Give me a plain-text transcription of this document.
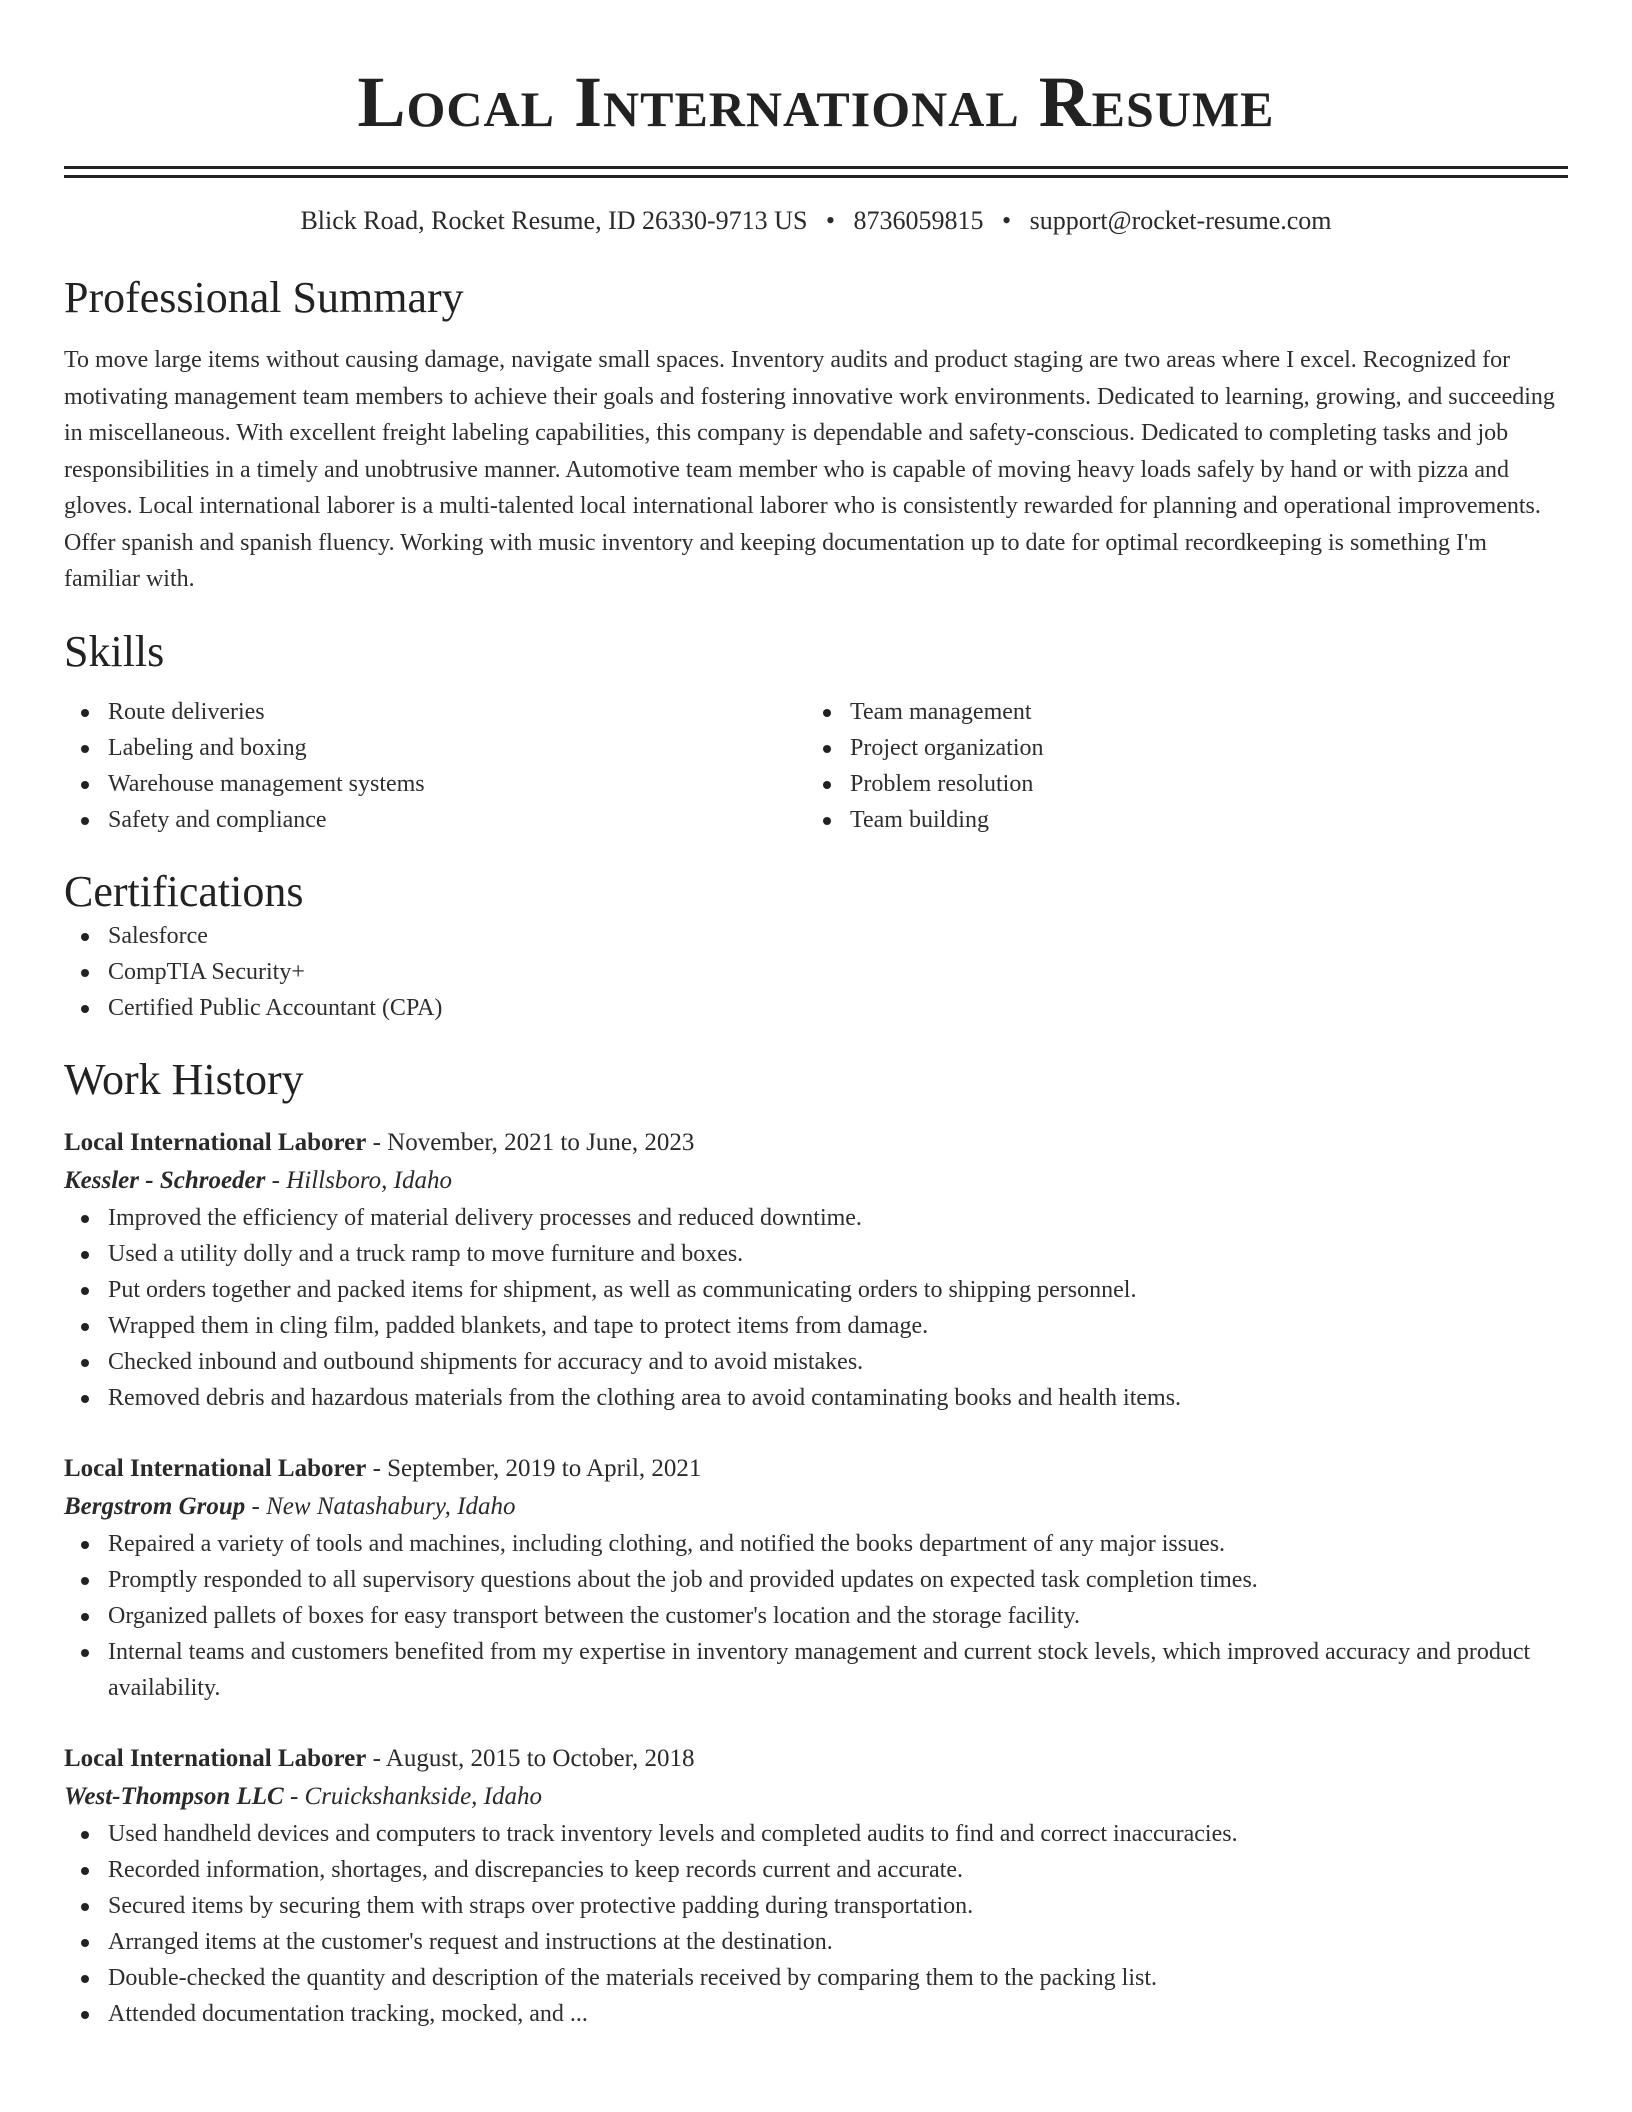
Local International Resume
Blick Road, Rocket Resume, ID 26330-9713 US • 8736059815 • support@rocket-resume.com
Professional Summary
To move large items without causing damage, navigate small spaces. Inventory audits and product staging are two areas where I excel. Recognized for motivating management team members to achieve their goals and fostering innovative work environments. Dedicated to learning, growing, and succeeding in miscellaneous. With excellent freight labeling capabilities, this company is dependable and safety-conscious. Dedicated to completing tasks and job responsibilities in a timely and unobtrusive manner. Automotive team member who is capable of moving heavy loads safely by hand or with pizza and gloves. Local international laborer is a multi-talented local international laborer who is consistently rewarded for planning and operational improvements. Offer spanish and spanish fluency. Working with music inventory and keeping documentation up to date for optimal recordkeeping is something I'm familiar with.
Skills
Route deliveries
Labeling and boxing
Warehouse management systems
Safety and compliance
Team management
Project organization
Problem resolution
Team building
Certifications
Salesforce
CompTIA Security+
Certified Public Accountant (CPA)
Work History
Local International Laborer - November, 2021 to June, 2023
Kessler - Schroeder - Hillsboro, Idaho
Improved the efficiency of material delivery processes and reduced downtime.
Used a utility dolly and a truck ramp to move furniture and boxes.
Put orders together and packed items for shipment, as well as communicating orders to shipping personnel.
Wrapped them in cling film, padded blankets, and tape to protect items from damage.
Checked inbound and outbound shipments for accuracy and to avoid mistakes.
Removed debris and hazardous materials from the clothing area to avoid contaminating books and health items.
Local International Laborer - September, 2019 to April, 2021
Bergstrom Group - New Natashabury, Idaho
Repaired a variety of tools and machines, including clothing, and notified the books department of any major issues.
Promptly responded to all supervisory questions about the job and provided updates on expected task completion times.
Organized pallets of boxes for easy transport between the customer's location and the storage facility.
Internal teams and customers benefited from my expertise in inventory management and current stock levels, which improved accuracy and product availability.
Local International Laborer - August, 2015 to October, 2018
West-Thompson LLC - Cruickshankside, Idaho
Used handheld devices and computers to track inventory levels and completed audits to find and correct inaccuracies.
Recorded information, shortages, and discrepancies to keep records current and accurate.
Secured items by securing them with straps over protective padding during transportation.
Arranged items at the customer's request and instructions at the destination.
Double-checked the quantity and description of the materials received by comparing them to the packing list.
Attended documentation tracking, mocked, and ...
